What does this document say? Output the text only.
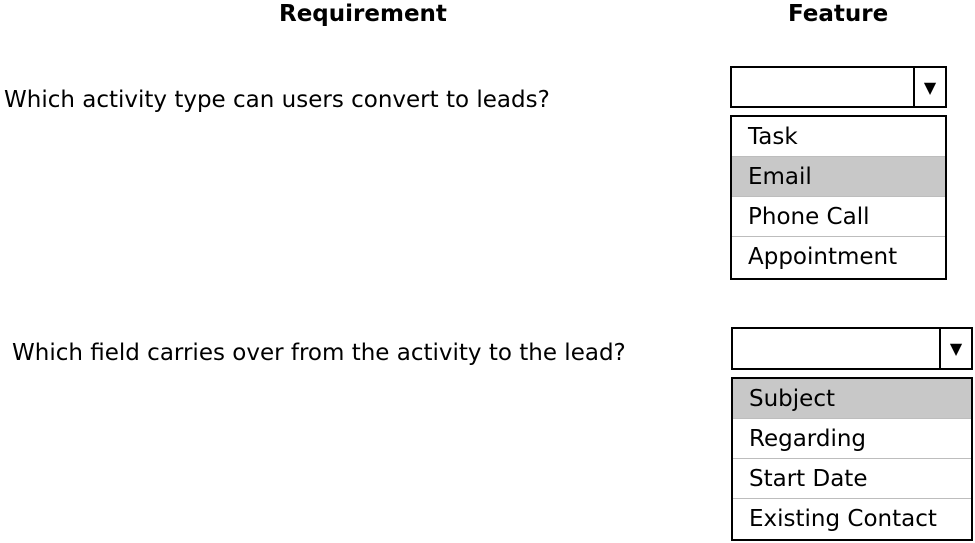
Requirement	Feature
Which activity type can users convert to leads?	▼
Task
Email
Phone Call
Appointment
Which field carries over from the activity to the lead?	▼
Subject
Regarding
Start Date
Existing Contact
